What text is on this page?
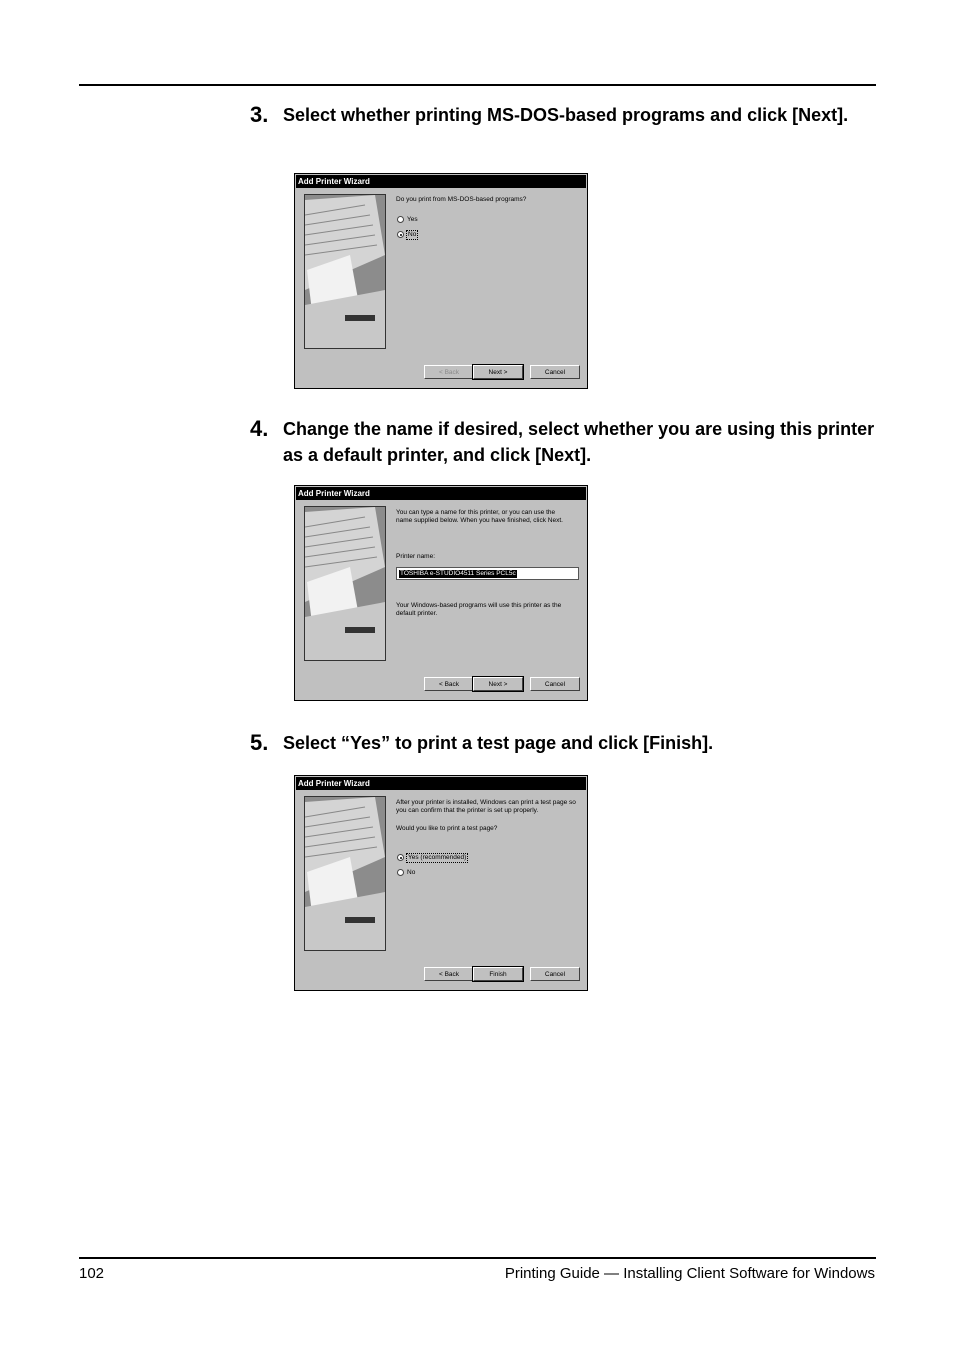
3. Select whether printing MS-DOS-based programs and click [Next].
Add Printer Wizard
Do you print from MS-DOS-based programs?
Yes
No
< Back	Next >	Cancel
4. Change the name if desired, select whether you are using this printer as a default printer, and click [Next].
Add Printer Wizard
You can type a name for this printer, or you can use the name supplied below. When you have finished, click Next.
Printer name:
TOSHIBA e-STUDIO4511 Series PCL5c
Your Windows-based programs will use this printer as the default printer.
< Back	Next >	Cancel
5. Select “Yes” to print a test page and click [Finish].
Add Printer Wizard
After your printer is installed, Windows can print a test page so you can confirm that the printer is set up properly.
Would you like to print a test page?
Yes (recommended)
No
< Back	Finish	Cancel
102	Printing Guide — Installing Client Software for Windows
